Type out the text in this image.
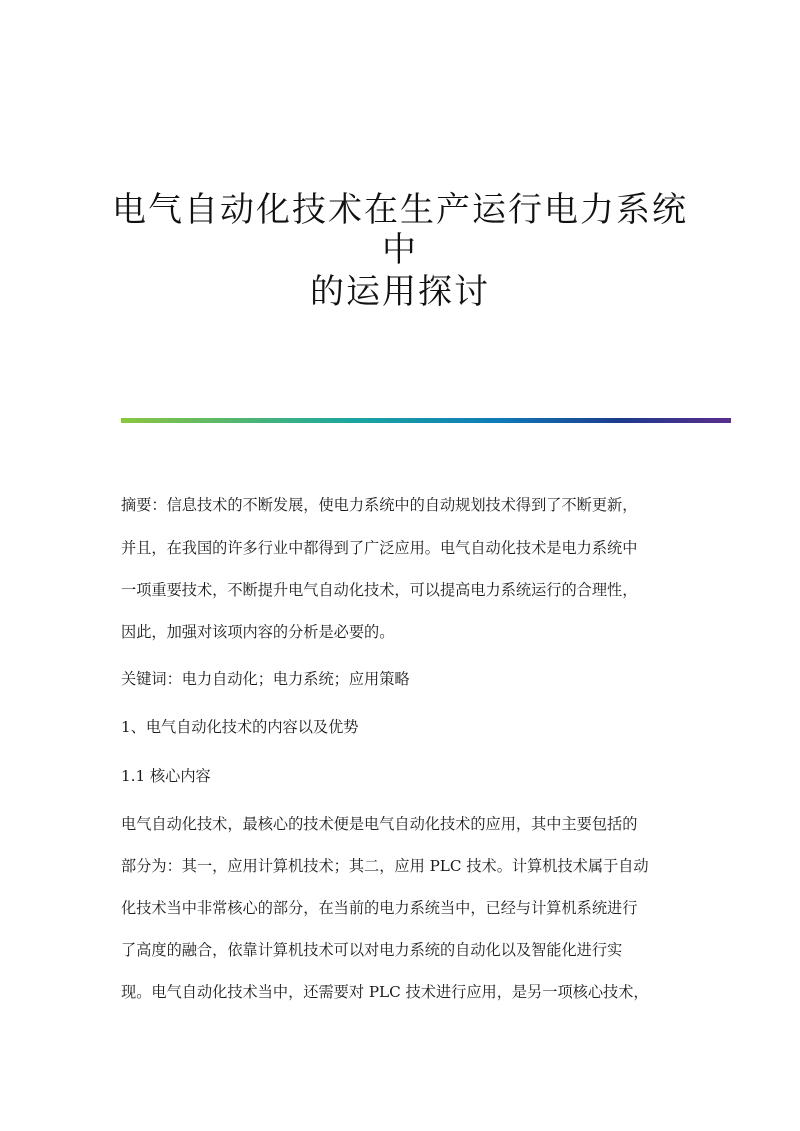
电气自动化技术在生产运行电力系统中
的运用探讨

摘要：信息技术的不断发展，使电力系统中的自动规划技术得到了不断更新，

并且，在我国的许多行业中都得到了广泛应用。电气自动化技术是电力系统中

一项重要技术，不断提升电气自动化技术，可以提高电力系统运行的合理性，

因此，加强对该项内容的分析是必要的。

关键词：电力自动化；电力系统；应用策略

1、电气自动化技术的内容以及优势

1.1 核心内容

电气自动化技术，最核心的技术便是电气自动化技术的应用，其中主要包括的

部分为：其一，应用计算机技术；其二，应用 PLC 技术。计算机技术属于自动

化技术当中非常核心的部分，在当前的电力系统当中，已经与计算机系统进行

了高度的融合，依靠计算机技术可以对电力系统的自动化以及智能化进行实

现。电气自动化技术当中，还需要对 PLC 技术进行应用，是另一项核心技术，
